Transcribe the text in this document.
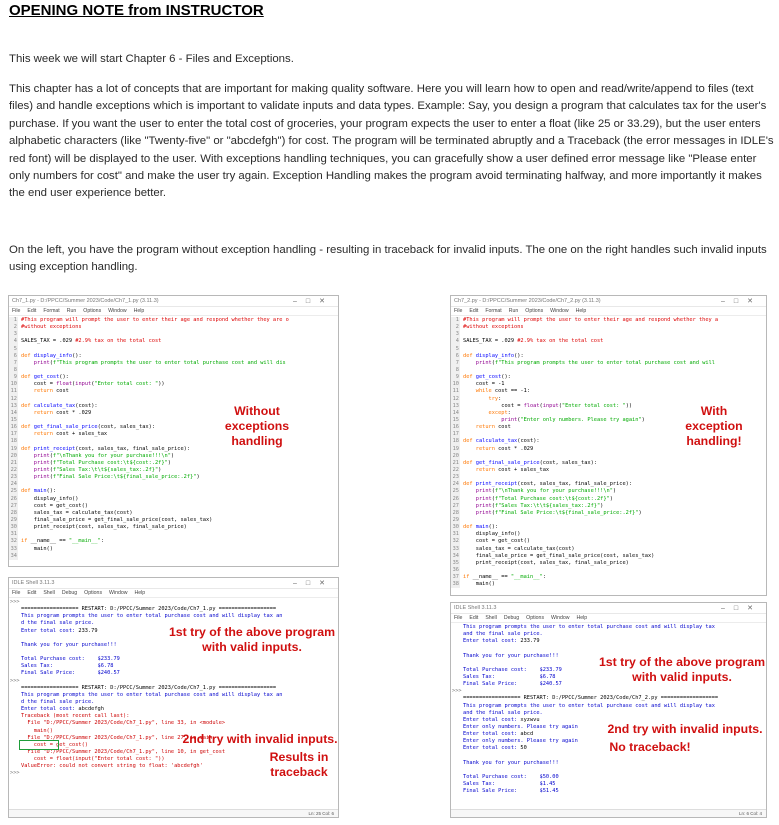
OPENING NOTE from INSTRUCTOR
This week we will start Chapter 6 - Files and Exceptions.
This chapter has a lot of concepts that are important for making quality software. Here you will learn how to open and read/write/append to files (text files) and handle exceptions which is important to validate inputs and data types. Example: Say, you design a program that calculates tax for the user's purchase. If you want the user to enter the total cost of groceries, your program expects the user to enter a float (like 25 or 33.29), but the user enters alphabetic characters (like "Twenty-five" or "abcdefgh") for cost. The program will be terminated abruptly and a Traceback (the error messages in IDLE's red font) will be displayed to the user. With exceptions handling techniques, you can gracefully show a user defined error message like "Please enter only numbers for cost" and make the user try again. Exception Handling makes the program avoid terminating halfway, and more importantly it makes the end user experience better.
On the left, you have the program without exception handling - resulting in traceback for invalid inputs. The one on the right handles such invalid inputs using exception handling.
Ch7_1.py - D:/PPCC/Summer 2023/Code/Ch7_1.py (3.11.3)	–□✕
File Edit Format Run Options Window Help
1 #This program will prompt the user to enter their age and respond whether they are o
2 #without exceptions
3
4 SALES_TAX = .029 #2.9% tax on the total cost
5
6 def display_info():
7	print(f"This program prompts the user to enter total purchase cost and will dis
8
9 def get_cost():
10    cost = float(input("Enter total cost: "))
11	return cost
12
13 def calculate_tax(cost):
14	return cost * .029
15
16 def get_final_sale_price(cost, sales_tax):
17	return cost + sales_tax
18
19 def print_receipt(cost, sales_tax, final_sale_price):
20	print(f"\nThank you for your purchase!!!\n")
21	print(f"Total Purchase cost:\t${cost:.2f}")
22	print(f"Sales Tax:\t\t${sales_tax:.2f}")
23	print(f"Final Sale Price:\t${final_sale_price:.2f}")
24
25 def main():
26    display_info()
27    cost = get_cost()
28    sales_tax = calculate_tax(cost)
29    final_sale_price = get_final_sale_price(cost, sales_tax)
30    print_receipt(cost, sales_tax, final_sale_price)
31
32 if __name__ == "__main__":
33    main()
34
Ch7_2.py - D:/PPCC/Summer 2023/Code/Ch7_2.py (3.11.3)	–□✕
File Edit Format Run Options Window Help
1 #This program will prompt the user to enter their age and respond whether they a
2 #without exceptions
3
4 SALES_TAX = .029 #2.9% tax on the total cost
5
6 def display_info():
7	print(f"This program prompts the user to enter total purchase cost and will
8
9 def get_cost():
10    cost = -1
11	while cost == -1:
12	try:
13            cost = float(input("Enter total cost: "))
14	except:
15	print("Enter only numbers. Please try again")
16	return cost
17
18 def calculate_tax(cost):
19	return cost * .029
20
21 def get_final_sale_price(cost, sales_tax):
22	return cost + sales_tax
23
24 def print_receipt(cost, sales_tax, final_sale_price):
25	print(f"\nThank you for your purchase!!!\n")
26	print(f"Total Purchase cost:\t${cost:.2f}")
27	print(f"Sales Tax:\t\t${sales_tax:.2f}")
28	print(f"Final Sale Price:\t${final_sale_price:.2f}")
29
30 def main():
31    display_info()
32    cost = get_cost()
33    sales_tax = calculate_tax(cost)
34    final_sale_price = get_final_sale_price(cost, sales_tax)
35    print_receipt(cost, sales_tax, final_sale_price)
36
37 if __name__ == "__main__":
38    main()
IDLE Shell 3.11.3	–□✕
File Edit Shell Debug Options Window Help
>>>
================== RESTART: D:/PPCC/Summer 2023/Code/Ch7_1.py ==================
This program prompts the user to enter total purchase cost and will display tax an
d the final sale price.
Enter total cost: 233.79
Thank you for your purchase!!!
Total Purchase cost:    $233.79
Sales Tax:              $6.78
Final Sale Price:       $240.57
>>>
================== RESTART: D:/PPCC/Summer 2023/Code/Ch7_1.py ==================
This program prompts the user to enter total purchase cost and will display tax an
d the final sale price.
Enter total cost: abcdefgh
Traceback (most recent call last):
File "D:/PPCC/Summer 2023/Code/Ch7_1.py", line 33, in <module>
main()
File "D:/PPCC/Summer 2023/Code/Ch7_1.py", line 27, in main
cost = get_cost()
File "D:/PPCC/Summer 2023/Code/Ch7_1.py", line 10, in get_cost
cost = float(input("Enter total cost: "))
ValueError: could not convert string to float: 'abcdefgh'
>>>
Ln: 25 Col: 6
IDLE Shell 3.11.3	–□✕
File Edit Shell Debug Options Window Help
This program prompts the user to enter total purchase cost and will display tax
and the final sale price.
Enter total cost: 233.79
Thank you for your purchase!!!
Total Purchase cost:    $233.79
Sales Tax:              $6.78
Final Sale Price:       $240.57
>>>
================== RESTART: D:/PPCC/Summer 2023/Code/Ch7_2.py ==================
This program prompts the user to enter total purchase cost and will display tax
and the final sale price.
Enter total cost: xyzwvu
Enter only numbers. Please try again
Enter total cost: abcd
Enter only numbers. Please try again
Enter total cost: 50
Thank you for your purchase!!!
Total Purchase cost:    $50.00
Sales Tax:              $1.45
Final Sale Price:       $51.45
Ln: 6 Col: 4
Without exceptions handling
With exception handling!
1st try of the above program with valid inputs.
2nd try with invalid inputs.
Results in traceback
1st try of the above program with valid inputs.
2nd try with invalid inputs.
No traceback!
